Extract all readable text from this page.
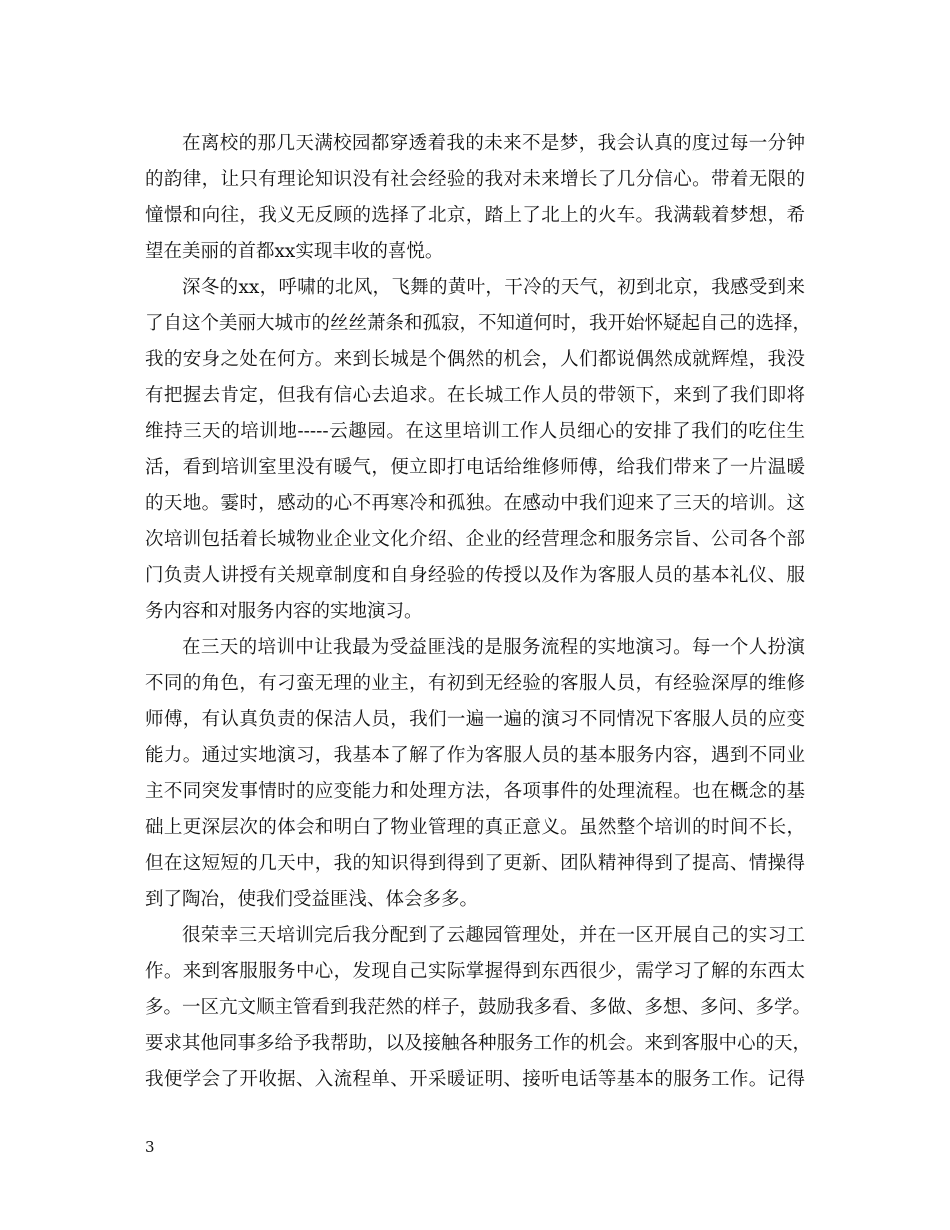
在离校的那几天满校园都穿透着我的未来不是梦，我会认真的度过每一分钟
的韵律，让只有理论知识没有社会经验的我对未来增长了几分信心。带着无限的
憧憬和向往，我义无反顾的选择了北京，踏上了北上的火车。我满载着梦想，希
望在美丽的首都xx实现丰收的喜悦。
深冬的xx，呼啸的北风，飞舞的黄叶，干冷的天气，初到北京，我感受到来
了自这个美丽大城市的丝丝萧条和孤寂，不知道何时，我开始怀疑起自己的选择，
我的安身之处在何方。来到长城是个偶然的机会，人们都说偶然成就辉煌，我没
有把握去肯定，但我有信心去追求。在长城工作人员的带领下，来到了我们即将
维持三天的培训地-----云趣园。在这里培训工作人员细心的安排了我们的吃住生
活，看到培训室里没有暖气，便立即打电话给维修师傅，给我们带来了一片温暖
的天地。霎时，感动的心不再寒冷和孤独。在感动中我们迎来了三天的培训。这
次培训包括着长城物业企业文化介绍、企业的经营理念和服务宗旨、公司各个部
门负责人讲授有关规章制度和自身经验的传授以及作为客服人员的基本礼仪、服
务内容和对服务内容的实地演习。
在三天的培训中让我最为受益匪浅的是服务流程的实地演习。每一个人扮演
不同的角色，有刁蛮无理的业主，有初到无经验的客服人员，有经验深厚的维修
师傅，有认真负责的保洁人员，我们一遍一遍的演习不同情况下客服人员的应变
能力。通过实地演习，我基本了解了作为客服人员的基本服务内容，遇到不同业
主不同突发事情时的应变能力和处理方法，各项事件的处理流程。也在概念的基
础上更深层次的体会和明白了物业管理的真正意义。虽然整个培训的时间不长，
但在这短短的几天中，我的知识得到得到了更新、团队精神得到了提高、情操得
到了陶冶，使我们受益匪浅、体会多多。
很荣幸三天培训完后我分配到了云趣园管理处，并在一区开展自己的实习工
作。来到客服服务中心，发现自己实际掌握得到东西很少，需学习了解的东西太
多。一区亢文顺主管看到我茫然的样子，鼓励我多看、多做、多想、多问、多学。
要求其他同事多给予我帮助，以及接触各种服务工作的机会。来到客服中心的天，
我便学会了开收据、入流程单、开采暖证明、接听电话等基本的服务工作。记得
3
